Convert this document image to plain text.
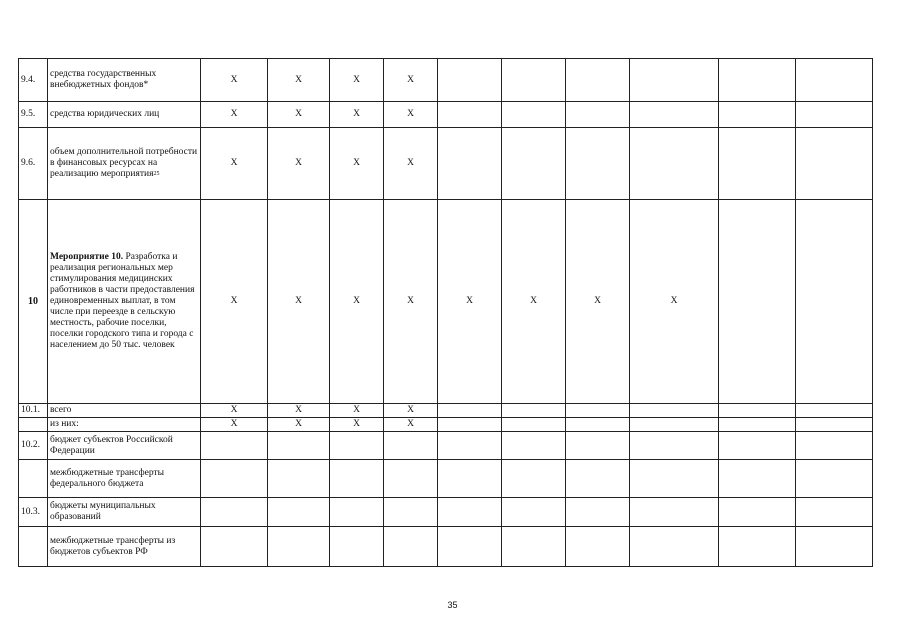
9.4.	средства государственных внебюджетных фондов*	X	X	X	X						
9.5.	средства юридических лиц	X	X	X	X						
9.6.	объем дополнительной потребности в финансовых ресурсах на реализацию мероприятия$^{25}$	X	X	X	X						
10	Мероприятие 10. Разработка и реализация региональных мер стимулирования медицинских работников в части предоставления единовременных выплат, в том числе при переезде в сельскую местность, рабочие поселки, поселки городского типа и города с населением до 50 тыс. человек	X	X	X	X	X	X	X	X		
10.1.	всего	X	X	X	X						
	из них:	X	X	X	X						
10.2.	бюджет субъектов Российской Федерации										
	межбюджетные трансферты федерального бюджета										
10.3.	бюджеты муниципальных образований										
	межбюджетные трансферты из бюджетов субъектов РФ										
35
